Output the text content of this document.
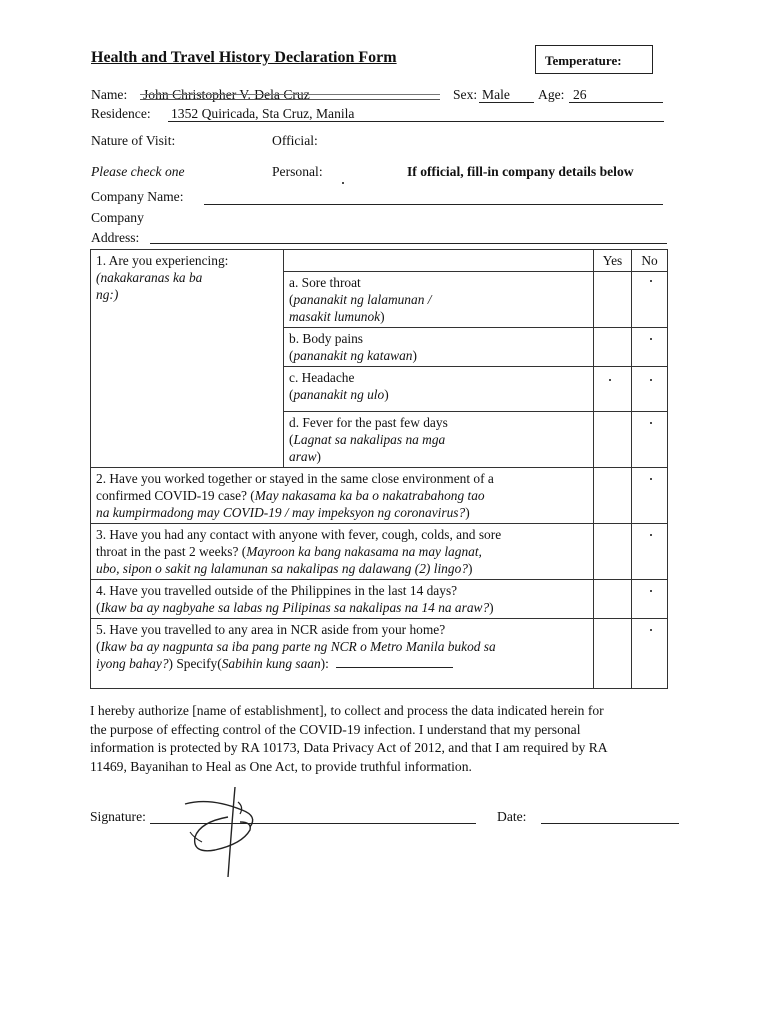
Health and Travel History Declaration Form	Temperature:
Name: John Christopher V. Dela Cruz	Sex: Male Age: 26
Residence: 1352 Quiricada, Sta Cruz, Manila
Nature of Visit:	Official:
Please check one	Personal:	If official, fill-in company details below
Company Name:
Company
Address:
1. Are you experiencing:
(nakakaranas ka ba
ng:)		Yes	No
	a. Sore throat
(pananakit ng lalamunan /
masakit lumunok)		

	b. Body pains
(pananakit ng katawan)		

	c. Headache
(pananakit ng ulo)	

	d. Fever for the past few days
(Lagnat sa nakalipas na mga
araw)		

2. Have you worked together or stayed in the same close environment of a
confirmed COVID-19 case? (May nakasama ka ba o nakatrabahong tao
na kumpirmadong may COVID-19 / may impeksyon ng coronavirus?)			

3. Have you had any contact with anyone with fever, cough, colds, and sore
throat in the past 2 weeks? (Mayroon ka bang nakasama na may lagnat,
ubo, sipon o sakit ng lalamunan sa nakalipas ng dalawang (2) lingo?)			

4. Have you travelled outside of the Philippines in the last 14 days?
(Ikaw ba ay nagbyahe sa labas ng Pilipinas sa nakalipas na 14 na araw?)			

5. Have you travelled to any area in NCR aside from your home?
(Ikaw ba ay nagpunta sa iba pang parte ng NCR o Metro Manila bukod sa
iyong bahay?) Specify(Sabihin kung saan):			
I hereby authorize [name of establishment], to collect and process the data indicated herein for
the purpose of effecting control of the COVID-19 infection. I understand that my personal
information is protected by RA 10173, Data Privacy Act of 2012, and that I am required by RA
11469, Bayanihan to Heal as One Act, to provide truthful information.
Signature:	Date:
